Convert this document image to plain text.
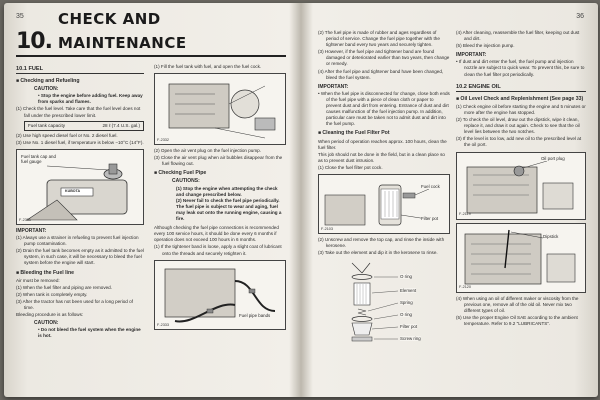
35
10.
CHECK AND MAINTENANCE
10.1 FUEL
■ Checking and Refueling
CAUTION:
• Stop the engine before adding fuel. Keep away from sparks and flames.
(1) Check the fuel level. Take care that the fuel level does not fall under the prescribed lower limit.
Fuel tank capacity	28 ℓ (7.4 U.S. gal.)
(2) Use high speed diesel fuel or No. 2 diesel fuel.
(3) Use No. 1 diesel fuel, if temperature is below −10°C (14°F).
Fuel tank cap and fuel gauge
KUBOTA
F-2331
IMPORTANT:
(1) Always use a strainer in refueling to prevent fuel injection pump contamination.
(2) Drain the fuel tank becomes empty as it admitted to the fuel system, in such case, it will be necessary to bleed the fuel system before the engine will start.
■ Bleeding the Fuel line
Air must be removed:
(1) When the fuel filter and piping are removed.
(2) When tank is completely empty.
(3) After the tractor has not been used for a long period of time.
Bleeding procedure is as follows:
CAUTION:
• Do not bleed the fuel system when the engine is hot.
(1) Fill the fuel tank with fuel, and open the fuel cock.
F-2332
(2) Open the air vent plug on the fuel injection pump.
(3) Close the air vent plug when air bubbles disappear from the fuel flowing out.
■ Checking Fuel Pipe
CAUTIONS:
(1) Stop the engine when attempting the check and change prescribed below.
(2) Never fail to check the fuel pipe periodically. The fuel pipe is subject to wear and aging, fuel may leak out onto the running engine, causing a fire.
Although checking the fuel pipe connections is recommended every 100 service hours, it should be done every 6 months if operation does not exceed 100 hours in 6 months.
(1) If the tightener band is loose, apply a slight coat of lubricant onto the threads and securely retighten it.
Fuel pipe bands
F-2333
36
(2) The fuel pipe is made of rubber and ages regardless of period of service. Change the fuel pipe together with the tightener band every two years and securely tighten.
(3) However, if the fuel pipe and tightener band are found damaged or deteriorated earlier than two years, then change or remedy.
(4) After the fuel pipe and tightener band have been changed, bleed the fuel system.
IMPORTANT:
• When the fuel pipe is disconnected for change, close both ends of the fuel pipe with a piece of clean cloth or paper to prevent dust and dirt from entering. Entrance of dust and dirt causes malfunction of the fuel injection pump. In addition, particular care must be taken not to admit dust and dirt into the fuel pump.
■ Cleaning the Fuel Filter Pot
When period of operation reaches approx. 100 hours, clean the fuel filter.
This job should not be done in the field, but in a clean place so as to prevent dust intrusion.
(1) Close the fuel filter pot cock.
Fuel cock
Filter pot
F-2103
(2) Unscrew and remove the top cap, and rinse the inside with kerosene.
(3) Take out the element and dip it in the kerosene to rinse.
O ring
Element
Spring
O ring
Filter pot
Screw ring
(4) After cleaning, reassemble the fuel filter, keeping out dust and dirt.
(5) Bleed the injection pump.
IMPORTANT:
• If dust and dirt enter the fuel, the fuel pump and injection nozzle are subject to quick wear. To prevent this, be sure to clean the fuel filter pot periodically.
10.2 ENGINE OIL
■ Oil Level Check and Replenishment (See page 33)
(1) Check engine oil before starting the engine and 5 minutes or more after the engine has stopped.
(2) To check the oil level, draw out the dipstick, wipe it clean, replace it, and draw it out again. Check to see that the oil level lies between the two notches.
(3) If the level is too low, add new oil to the prescribed level at the oil port.
Oil port plug
F-2119
Dipstick
F-2120
(4) When using an oil of different maker or viscosity from the previous one, remove all of the old oil. Never mix two different types of oil.
(5) Use the proper Engine Oil SAE according to the ambient temperature. Refer to 9.2 "LUBRICANTS".
